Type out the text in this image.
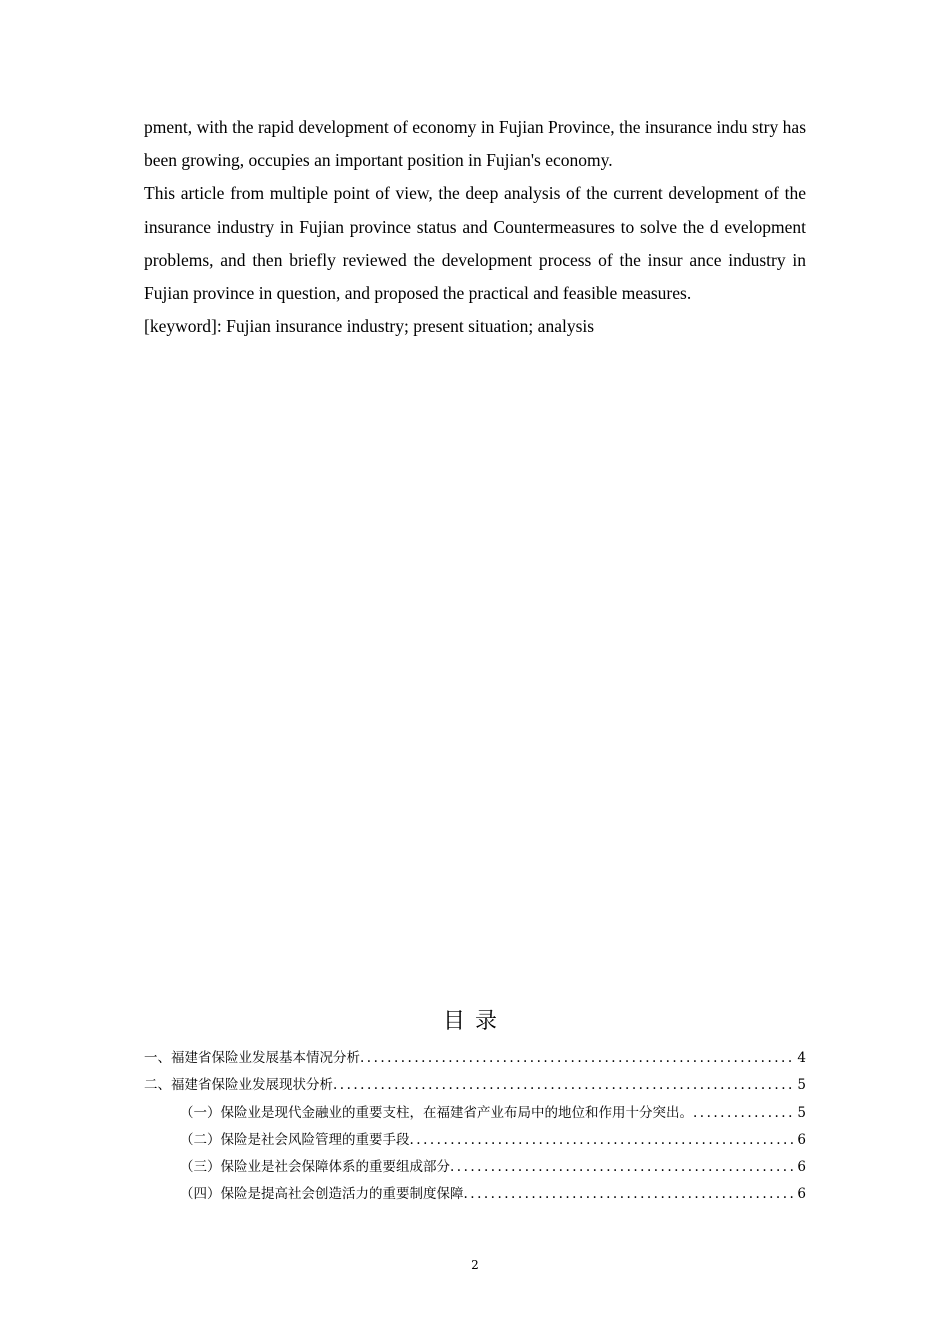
pment, with the rapid development of economy in Fujian Province, the insurance indu stry has been growing, occupies an important position in Fujian's economy.

This article from multiple point of view, the deep analysis of the current development of the insurance industry in Fujian province status and Countermeasures to solve the d evelopment problems, and then briefly reviewed the development process of the insur ance industry in Fujian province in question, and proposed the practical and feasible measures.

[keyword]: Fujian insurance industry; present situation; analysis

目录
一、福建省保险业发展基本情况分析 .....	4
二、福建省保险业发展现状分析 .....	5
（一）保险业是现代金融业的重要支柱，在福建省产业布局中的地位和作用十分突出。 .....	5
（二）保险是社会风险管理的重要手段 .....	6
（三）保险业是社会保障体系的重要组成部分 .....	6
（四）保险是提高社会创造活力的重要制度保障 .....	6
2
